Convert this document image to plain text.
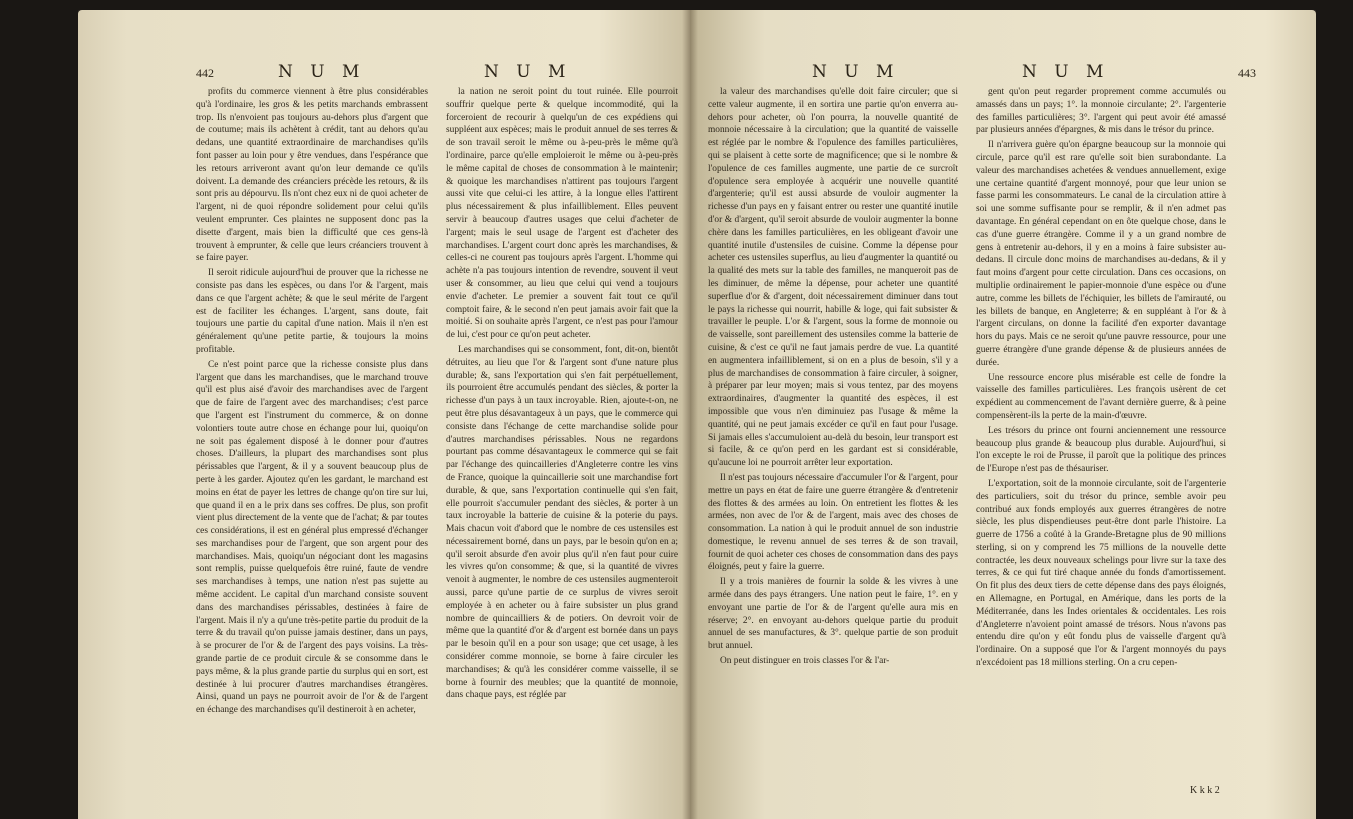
442	N U M	N U M

profits du commerce viennent à être plus considérables qu'à l'ordinaire, les gros & les petits marchands embrassent trop. Ils n'envoient pas toujours au-dehors plus d'argent que de coutume; mais ils achètent à crédit, tant au dehors qu'au dedans, une quantité extraordinaire de marchandises qu'ils font passer au loin pour y être vendues, dans l'espérance que les retours arriveront avant qu'on leur demande ce qu'ils doivent. La demande des créanciers précède les retours, & ils sont pris au dépourvu. Ils n'ont chez eux ni de quoi acheter de l'argent, ni de quoi répondre solidement pour celui qu'ils veulent emprunter. Ces plaintes ne supposent donc pas la disette d'argent, mais bien la difficulté que ces gens-là trouvent à emprunter, & celle que leurs créanciers trouvent à se faire payer.

Il seroit ridicule aujourd'hui de prouver que la richesse ne consiste pas dans les espèces, ou dans l'or & l'argent, mais dans ce que l'argent achète; & que le seul mérite de l'argent est de faciliter les échanges. L'argent, sans doute, fait toujours une partie du capital d'une nation. Mais il n'en est généralement qu'une petite partie, & toujours la moins profitable.

Ce n'est point parce que la richesse consiste plus dans l'argent que dans les marchandises, que le marchand trouve qu'il est plus aisé d'avoir des marchandises avec de l'argent que de faire de l'argent avec des marchandises; c'est parce que l'argent est l'instrument du commerce, & on donne volontiers toute autre chose en échange pour lui, quoiqu'on ne soit pas également disposé à le donner pour d'autres choses. D'ailleurs, la plupart des marchandises sont plus périssables que l'argent, & il y a souvent beaucoup plus de perte à les garder. Ajoutez qu'en les gardant, le marchand est moins en état de payer les lettres de change qu'on tire sur lui, que quand il en a le prix dans ses coffres. De plus, son profit vient plus directement de la vente que de l'achat; & par toutes ces considérations, il est en général plus empressé d'échanger ses marchandises pour de l'argent, que son argent pour des marchandises. Mais, quoiqu'un négociant dont les magasins sont remplis, puisse quelquefois être ruiné, faute de vendre ses marchandises à temps, une nation n'est pas sujette au même accident. Le capital d'un marchand consiste souvent dans des marchandises périssables, destinées à faire de l'argent. Mais il n'y a qu'une très-petite partie du produit de la terre & du travail qu'on puisse jamais destiner, dans un pays, à se procurer de l'or & de l'argent des pays voisins. La très-grande partie de ce produit circule & se consomme dans le pays même, & la plus grande partie du surplus qui en sort, est destinée à lui procurer d'autres marchandises étrangères. Ainsi, quand un pays ne pourroit avoir de l'or & de l'argent en échange des marchandises qu'il destineroit à en acheter,

la nation ne seroit point du tout ruinée. Elle pourroit souffrir quelque perte & quelque incommodité, qui la forceroient de recourir à quelqu'un de ces expédiens qui suppléent aux espèces; mais le produit annuel de ses terres & de son travail seroit le même ou à-peu-près le même qu'à l'ordinaire, parce qu'elle emploieroit le même ou à-peu-près le même capital de choses de consommation à le maintenir; & quoique les marchandises n'attirent pas toujours l'argent aussi vite que celui-ci les attire, à la longue elles l'attirent plus nécessairement & plus infailliblement. Elles peuvent servir à beaucoup d'autres usages que celui d'acheter de l'argent; mais le seul usage de l'argent est d'acheter des marchandises. L'argent court donc après les marchandises, & celles-ci ne courent pas toujours après l'argent. L'homme qui achète n'a pas toujours intention de revendre, souvent il veut user & consommer, au lieu que celui qui vend a toujours envie d'acheter. Le premier a souvent fait tout ce qu'il comptoit faire, & le second n'en peut jamais avoir fait que la moitié. Si on souhaite après l'argent, ce n'est pas pour l'amour de lui, c'est pour ce qu'on peut acheter.

Les marchandises qui se consomment, font, dit-on, bientôt détruites, au lieu que l'or & l'argent sont d'une nature plus durable; &, sans l'exportation qui s'en fait perpétuellement, ils pourroient être accumulés pendant des siècles, & porter la richesse d'un pays à un taux incroyable. Rien, ajoute-t-on, ne peut être plus désavantageux à un pays, que le commerce qui consiste dans l'échange de cette marchandise solide pour d'autres marchandises périssables. Nous ne regardons pourtant pas comme désavantageux le commerce qui se fait par l'échange des quincailleries d'Angleterre contre les vins de France, quoique la quincaillerie soit une marchandise fort durable, & que, sans l'exportation continuelle qui s'en fait, elle pourroit s'accumuler pendant des siècles, & porter à un taux incroyable la batterie de cuisine & la poterie du pays. Mais chacun voit d'abord que le nombre de ces ustensiles est nécessairement borné, dans un pays, par le besoin qu'on en a; qu'il seroit absurde d'en avoir plus qu'il n'en faut pour cuire les vivres qu'on consomme; & que, si la quantité de vivres venoit à augmenter, le nombre de ces ustensiles augmenteroit aussi, parce qu'une partie de ce surplus de vivres seroit employée à en acheter ou à faire subsister un plus grand nombre de quincailliers & de potiers. On devroit voir de même que la quantité d'or & d'argent est bornée dans un pays par le besoin qu'il en a pour son usage; que cet usage, à les considérer comme monnoie, se borne à faire circuler les marchandises; & qu'à les considérer comme vaisselle, il se borne à fournir des meubles; que la quantité de monnoie, dans chaque pays, est réglée par

N U M	N U M	443

la valeur des marchandises qu'elle doit faire circuler; que si cette valeur augmente, il en sortira une partie qu'on enverra au-dehors pour acheter, où l'on pourra, la nouvelle quantité de monnoie nécessaire à la circulation; que la quantité de vaisselle est réglée par le nombre & l'opulence des familles particulières, qui se plaisent à cette sorte de magnificence; que si le nombre & l'opulence de ces familles augmente, une partie de ce surcroît d'opulence sera employée à acquérir une nouvelle quantité d'argenterie; qu'il est aussi absurde de vouloir augmenter la richesse d'un pays en y faisant entrer ou rester une quantité inutile d'or & d'argent, qu'il seroit absurde de vouloir augmenter la bonne chère dans les familles particulières, en les obligeant d'avoir une quantité inutile d'ustensiles de cuisine. Comme la dépense pour acheter ces ustensiles superflus, au lieu d'augmenter la quantité ou la qualité des mets sur la table des familles, ne manqueroit pas de les diminuer, de même la dépense, pour acheter une quantité superflue d'or & d'argent, doit nécessairement diminuer dans tout le pays la richesse qui nourrit, habille & loge, qui fait subsister & travailler le peuple. L'or & l'argent, sous la forme de monnoie ou de vaisselle, sont pareillement des ustensiles comme la batterie de cuisine, & c'est ce qu'il ne faut jamais perdre de vue. La quantité en augmentera infailliblement, si on en a plus de besoin, s'il y a plus de marchandises de consommation à faire circuler, à soigner, à préparer par leur moyen; mais si vous tentez, par des moyens extraordinaires, d'augmenter la quantité des espèces, il est impossible que vous n'en diminuiez pas l'usage & même la quantité, qui ne peut jamais excéder ce qu'il en faut pour l'usage. Si jamais elles s'accumuloient au-delà du besoin, leur transport est si facile, & ce qu'on perd en les gardant est si considérable, qu'aucune loi ne pourroit arrêter leur exportation.

Il n'est pas toujours nécessaire d'accumuler l'or & l'argent, pour mettre un pays en état de faire une guerre étrangère & d'entretenir des flottes & des armées au loin. On entretient les flottes & les armées, non avec de l'or & de l'argent, mais avec des choses de consommation. La nation à qui le produit annuel de son industrie domestique, le revenu annuel de ses terres & de son travail, fournit de quoi acheter ces choses de consommation dans des pays éloignés, peut y faire la guerre.

Il y a trois manières de fournir la solde & les vivres à une armée dans des pays étrangers. Une nation peut le faire, 1°. en y envoyant une partie de l'or & de l'argent qu'elle aura mis en réserve; 2°. en envoyant au-dehors quelque partie du produit annuel de ses manufactures, & 3°. quelque partie de son produit brut annuel.

On peut distinguer en trois classes l'or & l'ar-

gent qu'on peut regarder proprement comme accumulés ou amassés dans un pays; 1°. la monnoie circulante; 2°. l'argenterie des familles particulières; 3°. l'argent qui peut avoir été amassé par plusieurs années d'épargnes, & mis dans le trésor du prince.

Il n'arrivera guère qu'on épargne beaucoup sur la monnoie qui circule, parce qu'il est rare qu'elle soit bien surabondante. La valeur des marchandises achetées & vendues annuellement, exige une certaine quantité d'argent monnoyé, pour que leur union se fasse parmi les consommateurs. Le canal de la circulation attire à soi une somme suffisante pour se remplir, & il n'en admet pas davantage. En général cependant on en ôte quelque chose, dans le cas d'une guerre étrangère. Comme il y a un grand nombre de gens à entretenir au-dehors, il y en a moins à faire subsister au-dedans. Il circule donc moins de marchandises au-dedans, & il y faut moins d'argent pour cette circulation. Dans ces occasions, on multiplie ordinairement le papier-monnoie d'une espèce ou d'une autre, comme les billets de l'échiquier, les billets de l'amirauté, ou les billets de banque, en Angleterre; & en suppléant à l'or & à l'argent circulans, on donne la facilité d'en exporter davantage hors du pays. Mais ce ne seroit qu'une pauvre ressource, pour une guerre étrangère d'une grande dépense & de plusieurs années de durée.

Une ressource encore plus misérable est celle de fondre la vaisselle des familles particulières. Les françois usèrent de cet expédient au commencement de l'avant dernière guerre, & à peine compensèrent-ils la perte de la main-d'œuvre.

Les trésors du prince ont fourni anciennement une ressource beaucoup plus grande & beaucoup plus durable. Aujourd'hui, si l'on excepte le roi de Prusse, il paroît que la politique des princes de l'Europe n'est pas de thésauriser.

L'exportation, soit de la monnoie circulante, soit de l'argenterie des particuliers, soit du trésor du prince, semble avoir peu contribué aux fonds employés aux guerres étrangères de notre siècle, les plus dispendieuses peut-être dont parle l'histoire. La guerre de 1756 a coûté à la Grande-Bretagne plus de 90 millions sterling, si on y comprend les 75 millions de la nouvelle dette contractée, les deux nouveaux schelings pour livre sur la taxe des terres, & ce qui fut tiré chaque année du fonds d'amortissement. On fit plus des deux tiers de cette dépense dans des pays éloignés, en Allemagne, en Portugal, en Amérique, dans les ports de la Méditerranée, dans les Indes orientales & occidentales. Les rois d'Angleterre n'avoient point amassé de trésors. Nous n'avons pas entendu dire qu'on y eût fondu plus de vaisselle d'argent qu'à l'ordinaire. On a supposé que l'or & l'argent monnoyés du pays n'excédoient pas 18 millions sterling. On a cru cepen-

K k k 2
